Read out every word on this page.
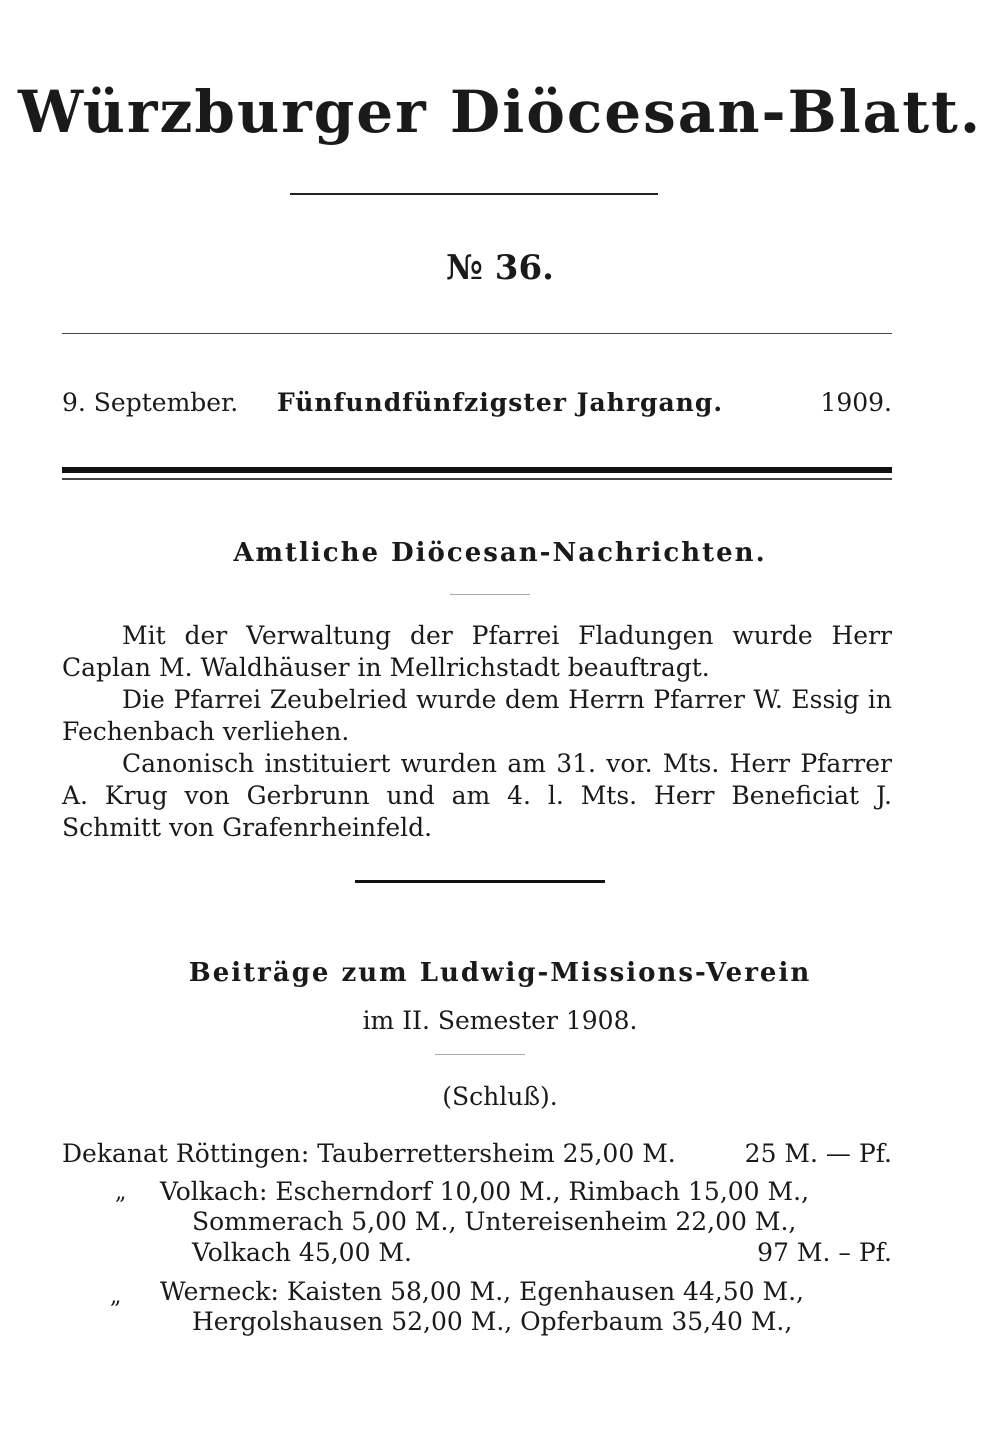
Würzburger Diöcesan-Blatt.
№ 36.
9. September.	Fünfundfünfzigster Jahrgang.	1909.
Amtliche Diöcesan-Nachrichten.

Mit der Verwaltung der Pfarrei Fladungen wurde Herr Caplan M. Waldhäuser in Mellrichstadt beauftragt.

Die Pfarrei Zeubelried wurde dem Herrn Pfarrer W. Essig in Fechenbach verliehen.

Canonisch instituiert wurden am 31. vor. Mts. Herr Pfarrer A. Krug von Gerbrunn und am 4. l. Mts. Herr Beneficiat J. Schmitt von Grafenrheinfeld.

Beiträge zum Ludwig-Missions-Verein
im II. Semester 1908.
(Schluß).
Dekanat Röttingen: Tauberrettersheim 25,00 M.	25 M. — Pf.
„ Volkach: Escherndorf 10,00 M., Rimbach 15,00 M.,
Sommerach 5,00 M., Untereisenheim 22,00 M.,
Volkach 45,00 M.	97 M. – Pf.
„ Werneck: Kaisten 58,00 M., Egenhausen 44,50 M.,
Hergolshausen 52,00 M., Opferbaum 35,40 M.,
